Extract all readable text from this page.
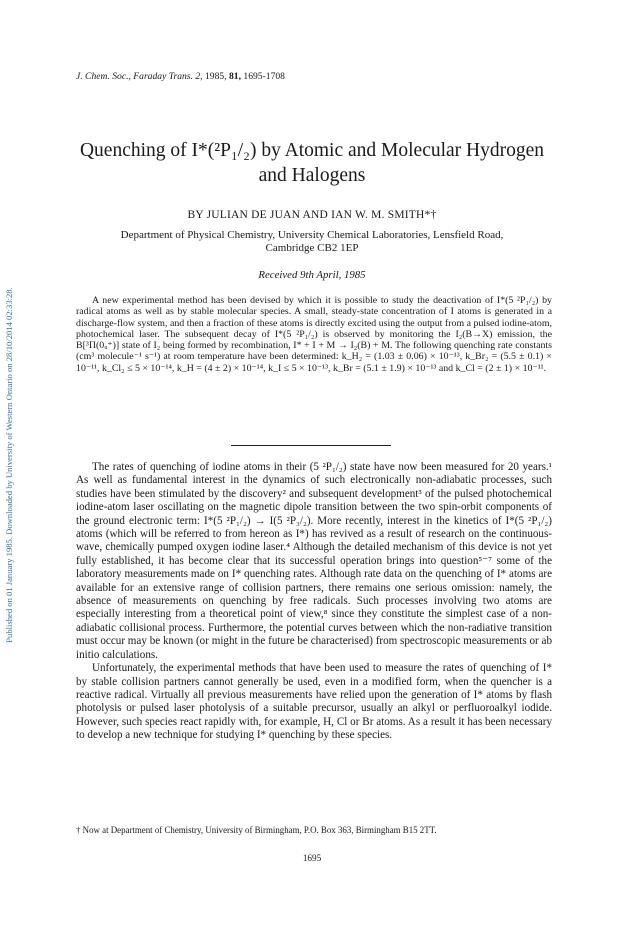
Published on 01 January 1985. Downloaded by University of Western Ontario on 28/10/2014 02:33:28.
J. Chem. Soc., Faraday Trans. 2, 1985, 81, 1695-1708
Quenching of I*(²P₁/₂) by Atomic and Molecular Hydrogen
and Halogens
BY JULIAN DE JUAN AND IAN W. M. SMITH*†
Department of Physical Chemistry, University Chemical Laboratories, Lensfield Road,
Cambridge CB2 1EP
Received 9th April, 1985

A new experimental method has been devised by which it is possible to study the deactivation of I*(5 ²P₁/₂) by radical atoms as well as by stable molecular species. A small, steady-state concentration of I atoms is generated in a discharge-flow system, and then a fraction of these atoms is directly excited using the output from a pulsed iodine-atom, photochemical laser. The subsequent decay of I*(5 ²P₁/₂) is observed by monitoring the I₂(B→X) emission, the B[³Π(0ᵤ⁺)] state of I₂ being formed by recombination, I* + I + M → I₂(B) + M. The following quenching rate constants (cm³ molecule⁻¹ s⁻¹) at room temperature have been determined: k_H₂ = (1.03 ± 0.06) × 10⁻¹³, k_Br₂ = (5.5 ± 0.1) × 10⁻¹¹, k_Cl₂ ≤ 5 × 10⁻¹⁴, k_H = (4 ± 2) × 10⁻¹⁴, k_I ≤ 5 × 10⁻¹³, k_Br = (5.1 ± 1.9) × 10⁻¹³ and k_Cl = (2 ± 1) × 10⁻¹¹.

The rates of quenching of iodine atoms in their (5 ²P₁/₂) state have now been measured for 20 years.¹ As well as fundamental interest in the dynamics of such electronically non-adiabatic processes, such studies have been stimulated by the discovery² and subsequent development³ of the pulsed photochemical iodine-atom laser oscillating on the magnetic dipole transition between the two spin-orbit components of the ground electronic term: I*(5 ²P₁/₂) → I(5 ²P₃/₂). More recently, interest in the kinetics of I*(5 ²P₁/₂) atoms (which will be referred to from hereon as I*) has revived as a result of research on the continuous-wave, chemically pumped oxygen iodine laser.⁴ Although the detailed mechanism of this device is not yet fully established, it has become clear that its successful operation brings into question⁵⁻⁷ some of the laboratory measurements made on I* quenching rates. Although rate data on the quenching of I* atoms are available for an extensive range of collision partners, there remains one serious omission: namely, the absence of measurements on quenching by free radicals. Such processes involving two atoms are especially interesting from a theoretical point of view,⁸ since they constitute the simplest case of a non-adiabatic collisional process. Furthermore, the potential curves between which the non-radiative transition must occur may be known (or might in the future be characterised) from spectroscopic measurements or ab initio calculations.

Unfortunately, the experimental methods that have been used to measure the rates of quenching of I* by stable collision partners cannot generally be used, even in a modified form, when the quencher is a reactive radical. Virtually all previous measurements have relied upon the generation of I* atoms by flash photolysis or pulsed laser photolysis of a suitable precursor, usually an alkyl or perfluoroalkyl iodide. However, such species react rapidly with, for example, H, Cl or Br atoms. As a result it has been necessary to develop a new technique for studying I* quenching by these species.

† Now at Department of Chemistry, University of Birmingham, P.O. Box 363, Birmingham B15 2TT.
1695
